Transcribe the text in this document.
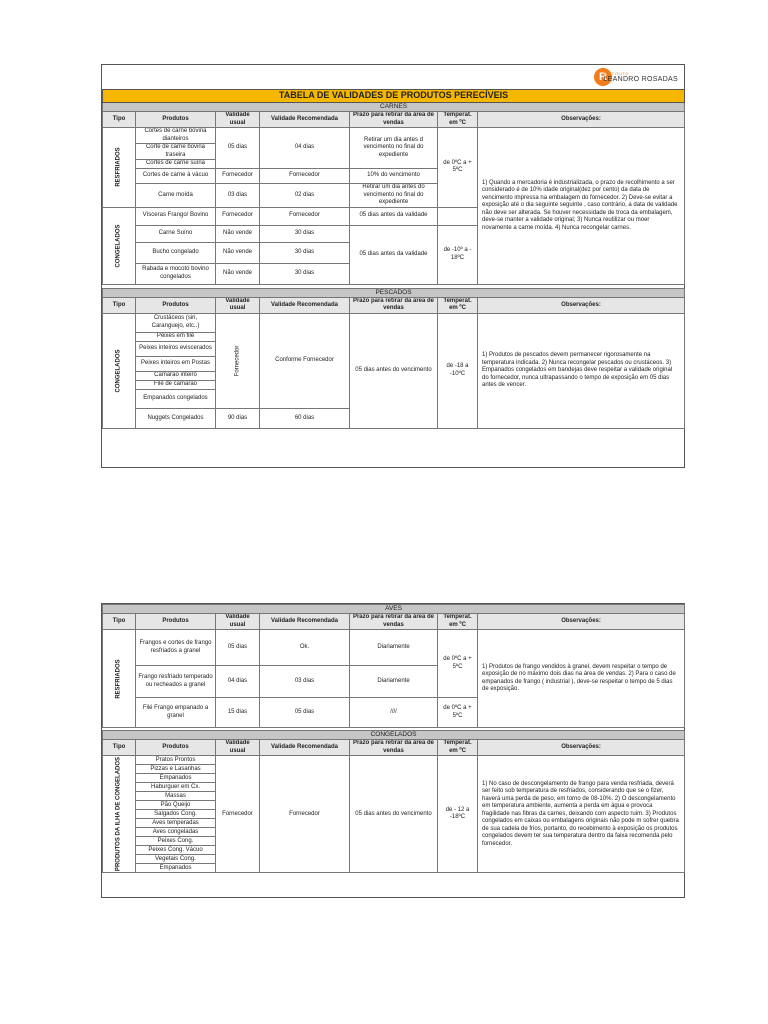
R
INSTITUTO
LEANDRO ROSADAS
TABELA DE VALIDADES DE PRODUTOS PERECÍVEIS						
CARNES						
Tipo	Produtos	Validade usual	Validade Recomendada	Prazo para retirar da área de vendas	Temperat. em ºC	Observações:

RESFRIADOS	Cortes de carne bovina dianteiros	05 dias	04 dias	Retirar um dia antes d vencimento no final do expediente	de 0ºC a + 5ºC	1) Quando a mercadoria é industrializada, o prazo de recolhimento a ser considerado é de 10% idade original(dez por cento) da data de vencimento impressa na embalagem do fornecedor. 2) Deve-se evitar a exposição até o dia seguinte seguinte , caso contrário, a data de validade não deve ser alterada. Se houver necessidade de troca da embalagem, deve-se manter a validade original; 3) Nunca reutilizar ou moer novamente a carne moída. 4) Nunca recongelar carnes.
	Corte de carne bovina traseira					
	Cortes de carne suína					
	Cortes de carne à vácuo	Fornecedor	Fornecedor	10% do vencimento		
	Carne moída	03 dias	02 dias	Retirar um dia antes do vencimento no final do expediente		

CONGELADOS	Vísceras Frango/ Bovino	Fornecedor	Fornecedor	05 dias antes da validade		
	Carne Suíno	Não vende	30 dias	05 dias antes da validade	de -10º a - 18ºC	
	Bucho congelado	Não vende	30 dias			
	Rabada e mocotó bovino congelados	Não vende	30 dias			

PESCADOS						
Tipo	Produtos	Validade usual	Validade Recomendada	Prazo para retirar da área de vendas	Temperat. em ºC	Observações:

CONGELADOS	Crustáceos (siri, Caranguejo, etc..)	Fornecedor	Conforme Fornecedor	05 dias antes do vencimento	de -18 a -10ºC	1) Produtos de pescados devem permanecer rigorosamente na temperatura indicada. 2) Nunca recongelar pescados ou crustáceos. 3) Empanados congelados em bandejas deve respeitar a validade original do fornecedor, nunca ultrapassando o tempo de exposição em 05 dias antes de vencer.
	Peixes em filé					
	Peixes inteiros eviscerados					
	Peixes inteiros em Postas					
	Camarão inteiro					
	Filé de camarão					
	Empanados congelados					
	Nuggets Congelados	90 dias	60 dias			
AVES						
Tipo	Produtos	Validade usual	Validade Recomendada	Prazo para retirar da área de vendas	Temperat. em ºC	Observações:

RESFRIADOS	Frangos e cortes de frango resfriados a granel	05 dias	Ok.	Diariamente	de 0ºC a + 5ºC	1) Produtos de frango vendidos à granel, devem respeitar o tempo de exposição de no máximo dois dias na área de vendas. 2) Para o caso de empanados de frango ( industrial ), deve-se respeitar o tempo de 5 dias de exposição.
	Frango resfriado temperado ou recheados a granel	04 dias	03 dias	Diariamente		
	Filé Frango empanado a granel	15 dias	05 dias	////	de 0ºC a + 5ºC	

CONGELADOS						
Tipo	Produtos	Validade usual	Validade Recomendada	Prazo para retirar da área de vendas	Temperat. em ºC	Observações:

PRODUTOS DA ILHA DE CONGELADOS	Pratos Prontos	Fornecedor	Fornecedor	05 dias antes do vencimento	de - 12 a -18ºC	1) No caso de descongelamento de frango para venda resfriada, deverá ser feito sob temperatura de resfriados, considerando que se o fizer, haverá uma perda de peso, em torno de 08-10%. 2) O descongelamento em temperatura ambiente, aumenta a perda em água e provoca fragilidade nas fibras da carnes, deixando com aspecto ruim. 3) Produtos congelados em caixas ou embalagens originais não pode m sofrer quebra de sua cadeia de frios, portanto, do recebimento à exposição os produtos congelados devem ter sua temperatura dentro da faixa recomenda pelo fornecedor.
	Pizzas e Lasanhas					
	Empanados					
	Haburguer em Cx.					
	Massas					
	Pão Queijo					
	Salgados Cong.					
	Aves temperadas					
	Aves congeladas					
	Peixes Cong.					
	Peixes Cong. Vácuo					
	Vegetais Cong.					
	Empanados					
